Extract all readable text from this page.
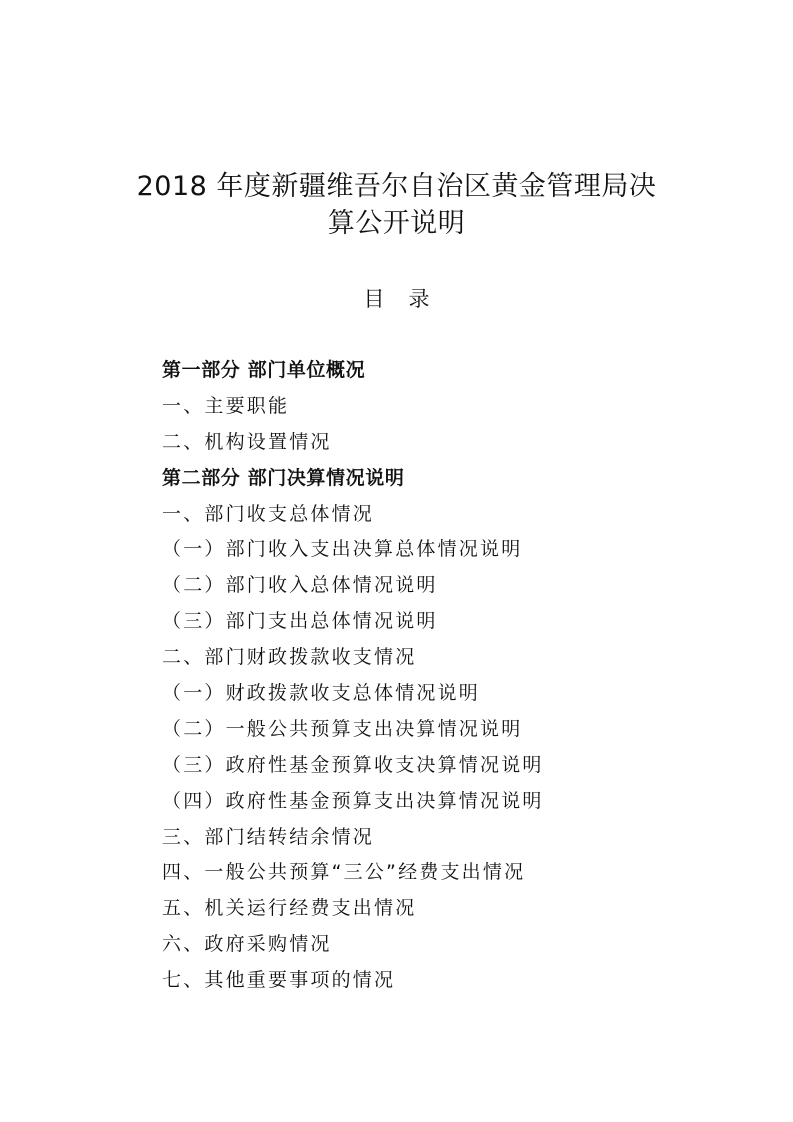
2018 年度新疆维吾尔自治区黄金管理局决
算公开说明
目 录
第一部分 部门单位概况
一、主要职能
二、机构设置情况
第二部分 部门决算情况说明
一、部门收支总体情况
（一）部门收入支出决算总体情况说明
（二）部门收入总体情况说明
（三）部门支出总体情况说明
二、部门财政拨款收支情况
（一）财政拨款收支总体情况说明
（二）一般公共预算支出决算情况说明
（三）政府性基金预算收支决算情况说明
（四）政府性基金预算支出决算情况说明
三、部门结转结余情况
四、一般公共预算“三公”经费支出情况
五、机关运行经费支出情况
六、政府采购情况
七、其他重要事项的情况
